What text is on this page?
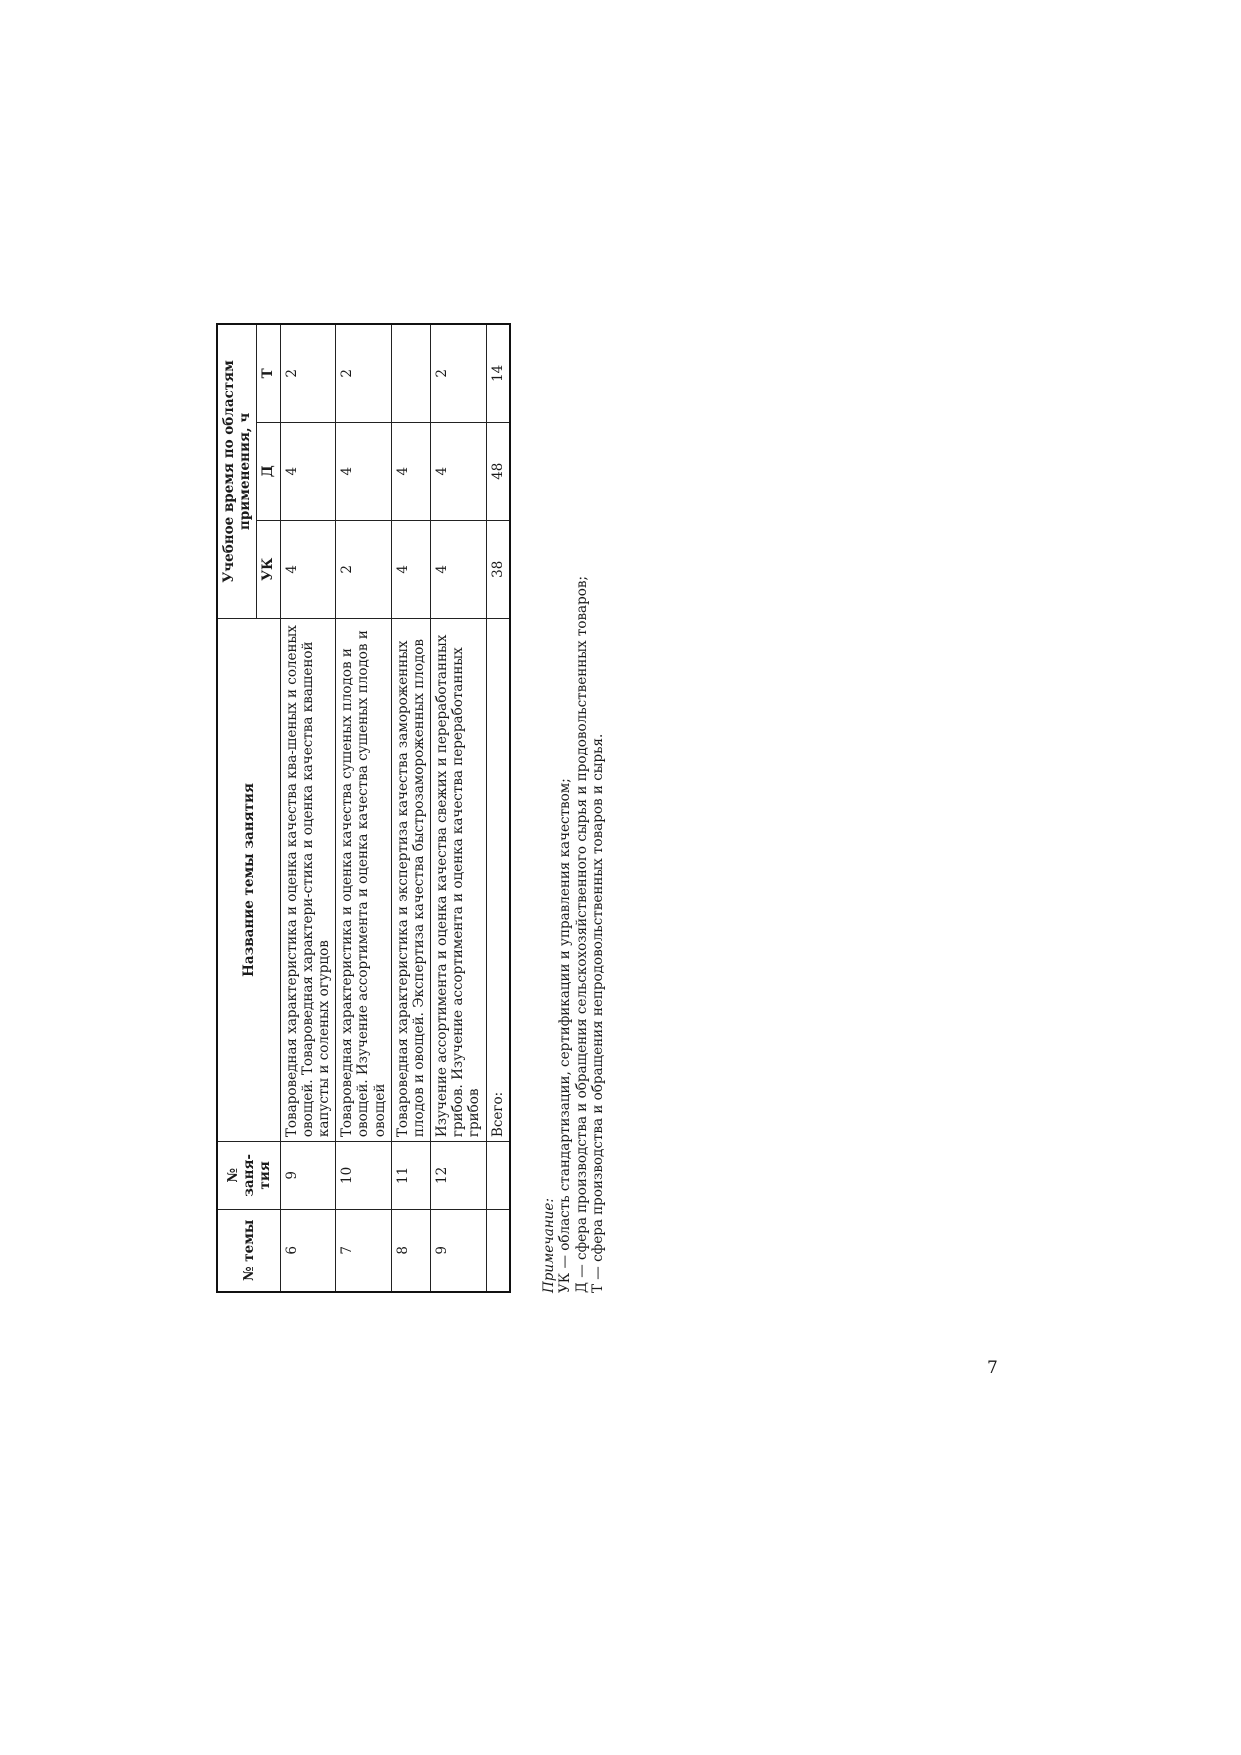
№ темы	№ заня-тия	Название темы занятия	Учебное время по областям применения, ч		
			УК	Д	Т
6	9	Товароведная характеристика и оценка качества ква-шеных и соленых овощей. Товароведная характери-стика и оценка качества квашеной капусты и соленых огурцов	4	4	2
7	10	Товароведная характеристика и оценка качества сушеных плодов и овощей. Изучение ассортимента и оценка качества сушеных плодов и овощей	2	4	2
8	11	Товароведная характеристика и экспертиза качества замороженных плодов и овощей. Экспертиза качества быстрозамороженных плодов	4	4	
9	12	Изучение ассортимента и оценка качества свежих и переработанных грибов. Изучение ассортимента и оценка качества переработанных грибов	4	4	2
		Всего:	38	48	14
Примечание: УК — область стандартизации, сертификации и управления качеством; Д — сфера производства и обращения сельскохозяйственного сырья и продовольственных товаров; Т — сфера производства и обращения непродовольственных товаров и сырья.
7
